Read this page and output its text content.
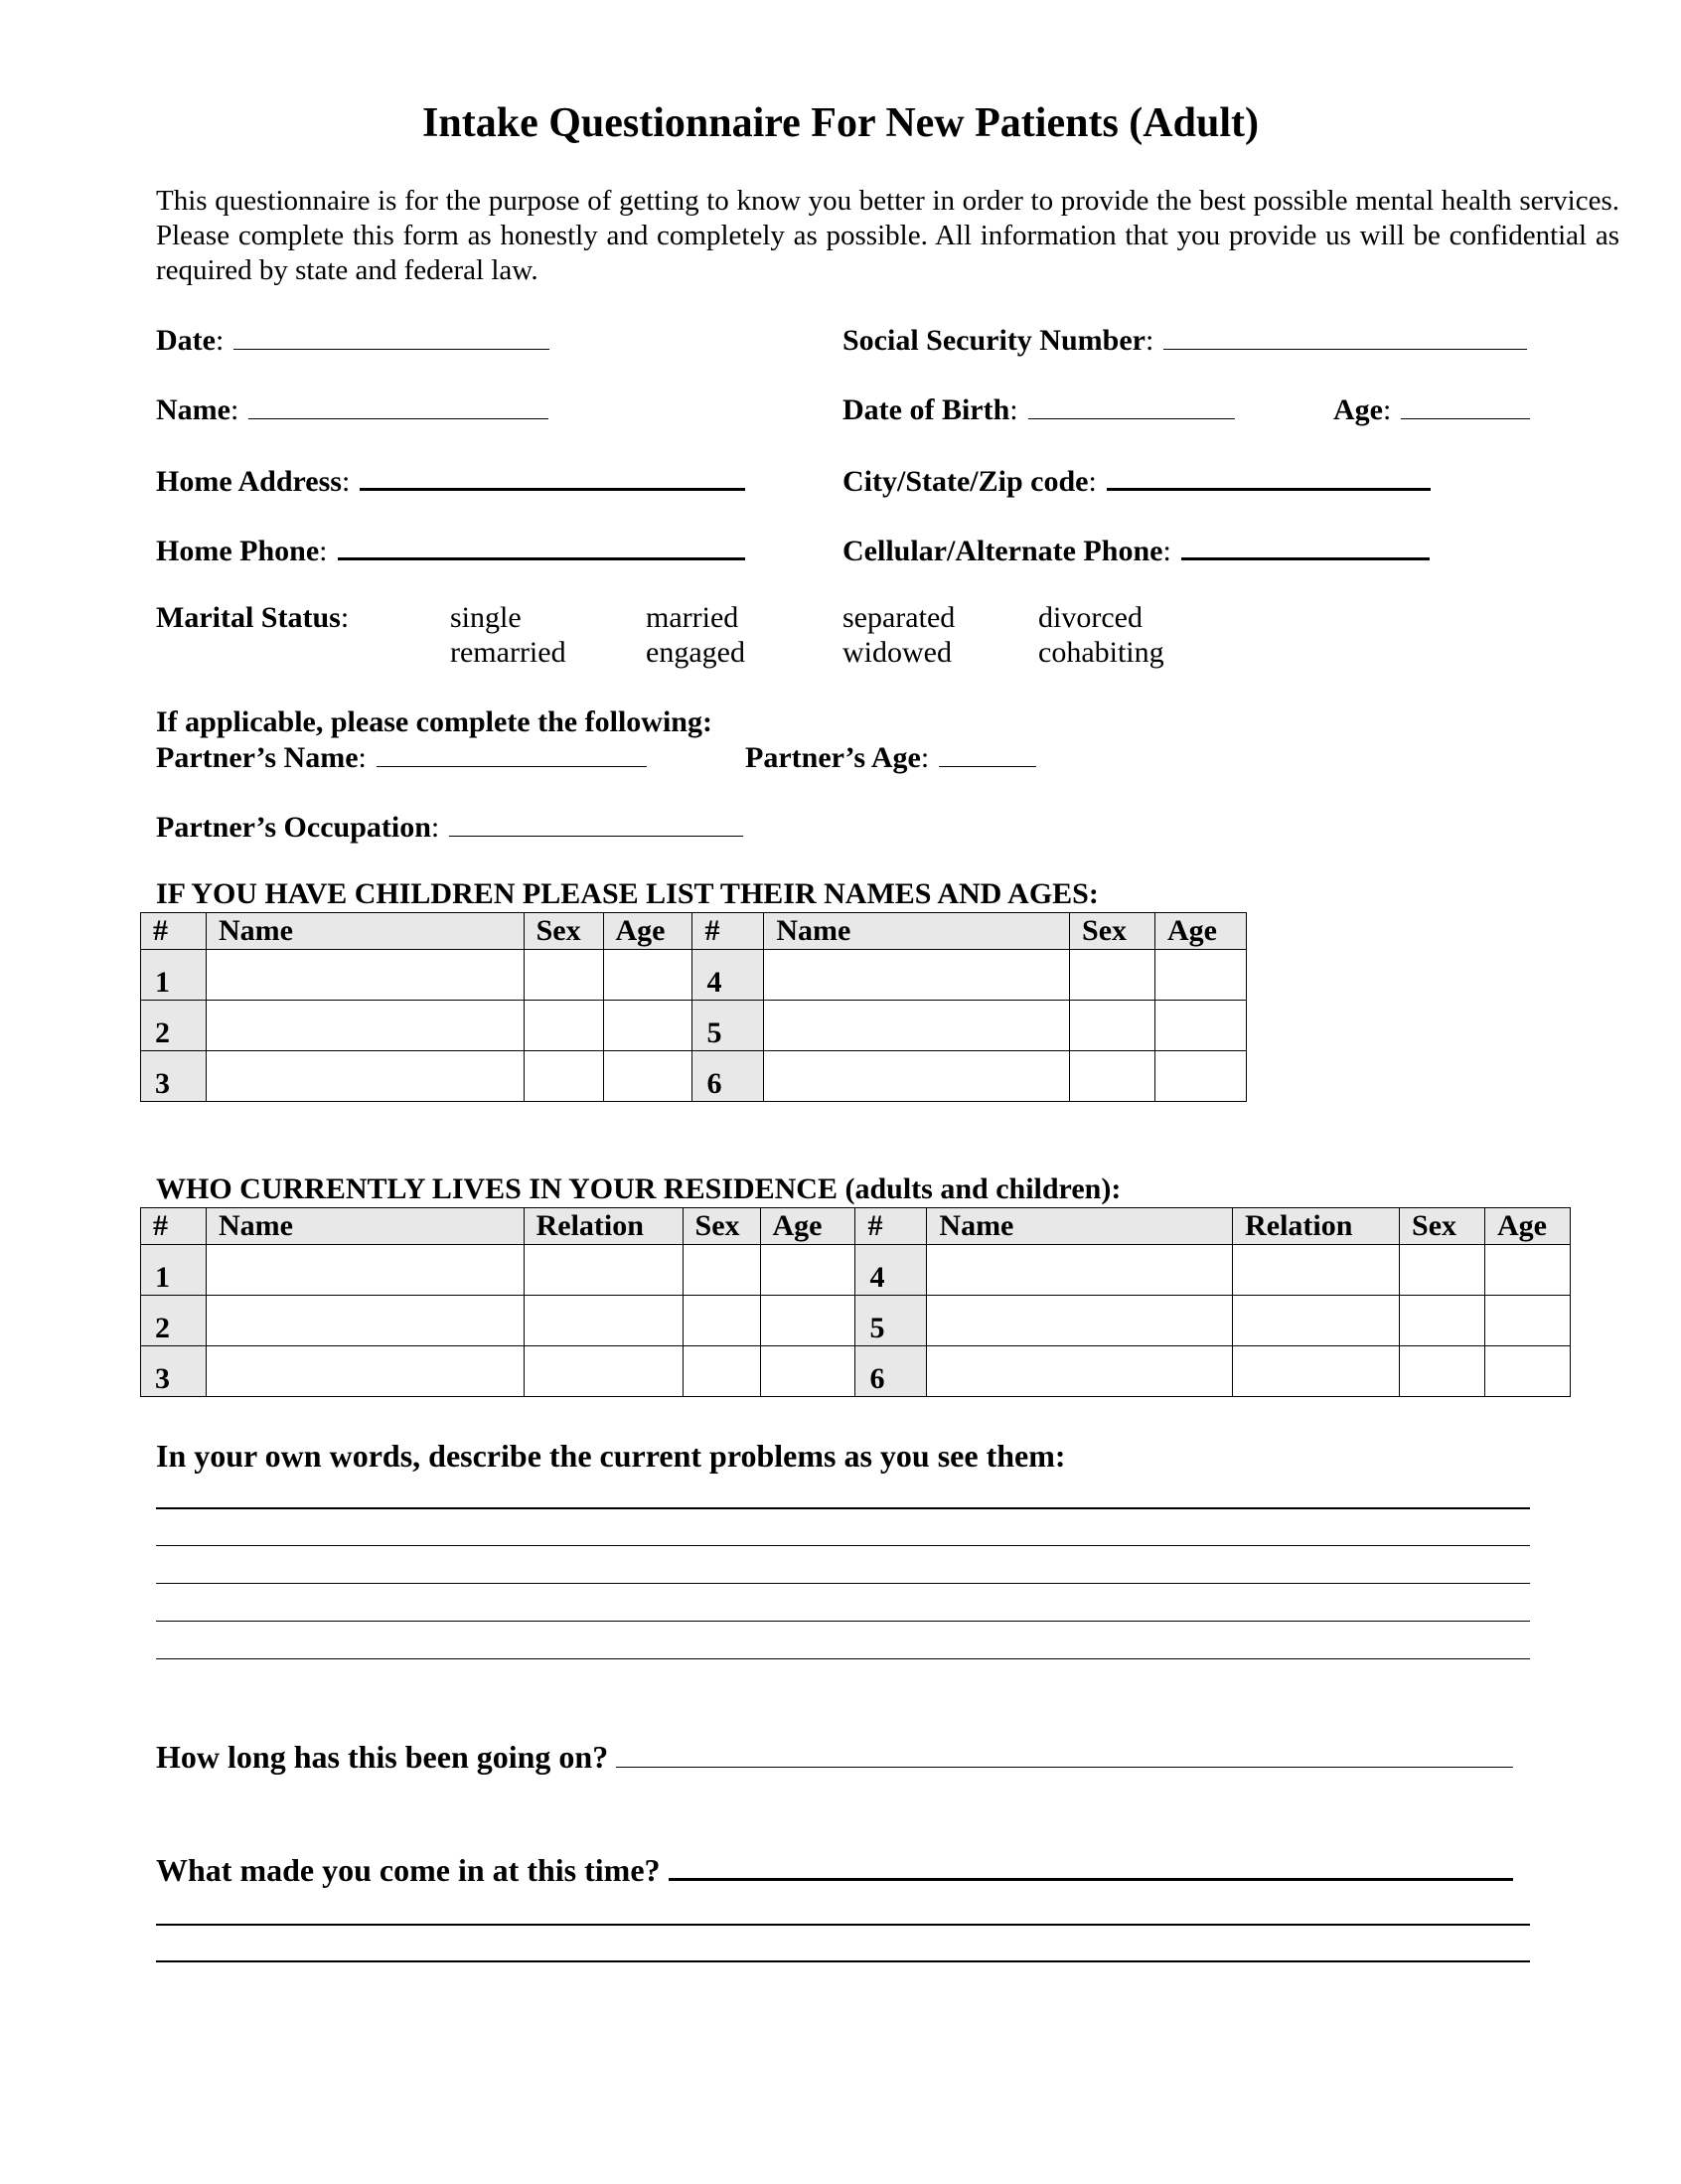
Intake Questionnaire For New Patients (Adult)
This questionnaire is for the purpose of getting to know you better in order to provide the best possible mental health services. Please complete this form as honestly and completely as possible. All information that you provide us will be confidential as required by state and federal law.
Date:	Social Security Number:
Name:	Date of Birth:	Age:
Home Address:	City/State/Zip code:
Home Phone:	Cellular/Alternate Phone:
Marital Status:	single	married	separated	divorced
remarried	engaged	widowed	cohabiting
If applicable, please complete the following:
Partner’s Name:	Partner’s Age:
Partner’s Occupation:
IF YOU HAVE CHILDREN PLEASE LIST THEIR NAMES AND AGES:
#	Name	Sex	Age	#	Name	Sex	Age
1				4			
2				5			
3				6			
WHO CURRENTLY LIVES IN YOUR RESIDENCE (adults and children):
#	Name	Relation	Sex	Age	#	Name	Relation	Sex	Age
1					4				
2					5				
3					6				
In your own words, describe the current problems as you see them:
How long has this been going on?
What made you come in at this time?
